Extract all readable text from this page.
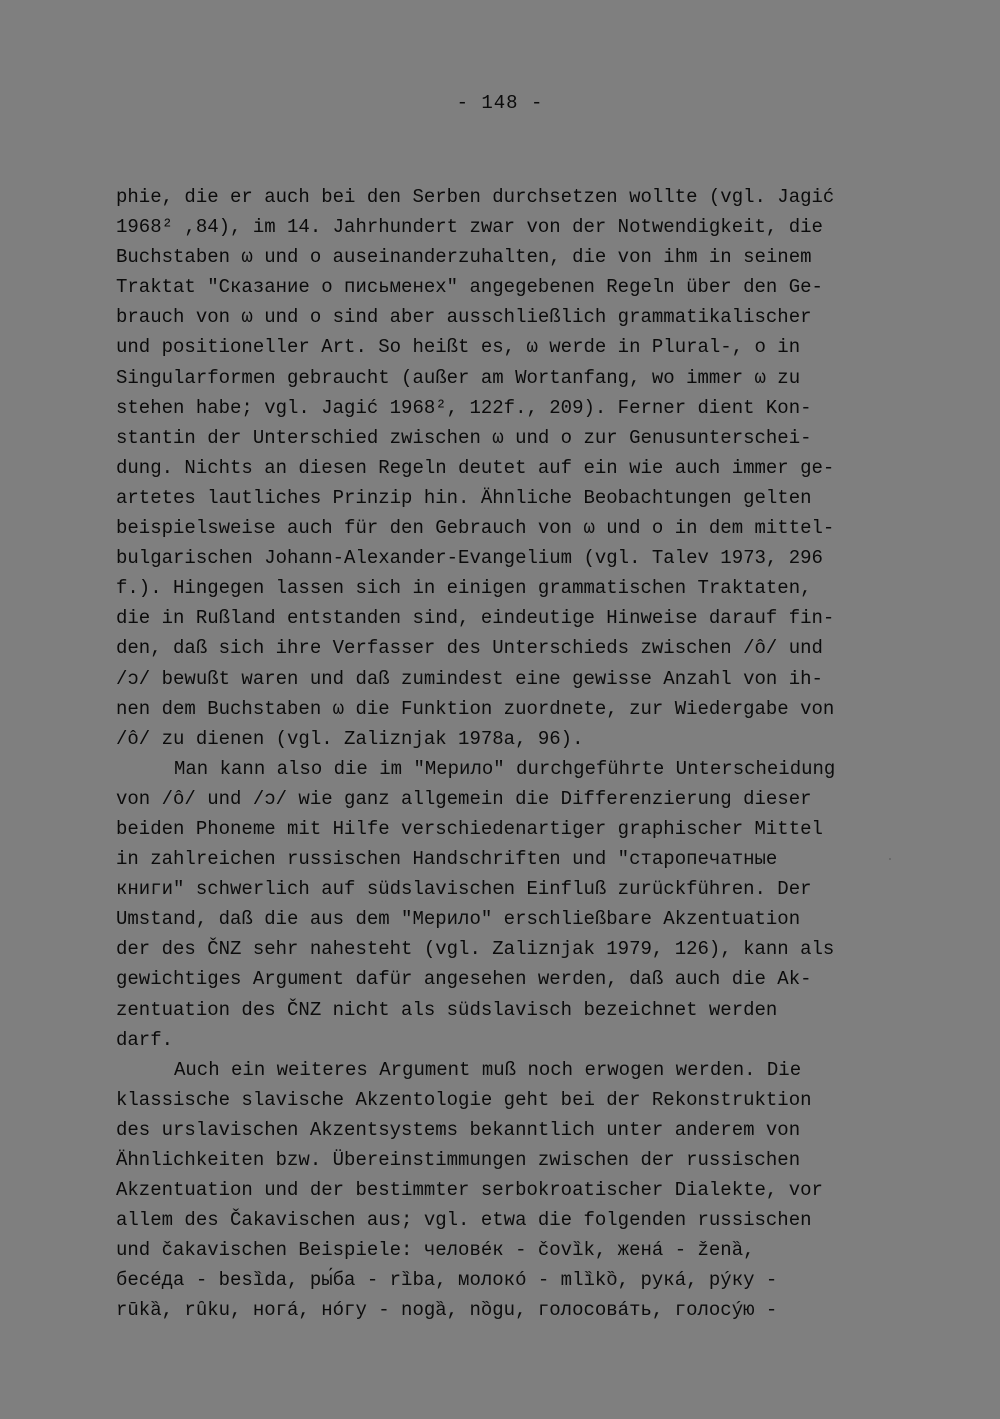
- 148 -
phie, die er auch bei den Serben durchsetzen wollte (vgl. Jagić
1968² ,84), im 14. Jahrhundert zwar von der Notwendigkeit, die
Buchstaben ω und o auseinanderzuhalten, die von ihm in seinem
Traktat "Сказание о письменех" angegebenen Regeln über den Ge-
brauch von ω und o sind aber ausschließlich grammatikalischer
und positioneller Art. So heißt es, ω werde in Plural-, o in
Singularformen gebraucht (außer am Wortanfang, wo immer ω zu
stehen habe; vgl. Jagić 1968², 122f., 209). Ferner dient Kon-
stantin der Unterschied zwischen ω und o zur Genusunterschei-
dung. Nichts an diesen Regeln deutet auf ein wie auch immer ge-
artetes lautliches Prinzip hin. Ähnliche Beobachtungen gelten
beispielsweise auch für den Gebrauch von ω und o in dem mittel-
bulgarischen Johann-Alexander-Evangelium (vgl. Talev 1973, 296
f.). Hingegen lassen sich in einigen grammatischen Traktaten,
die in Rußland entstanden sind, eindeutige Hinweise darauf fin-
den, daß sich ihre Verfasser des Unterschieds zwischen /ô/ und
/ɔ/ bewußt waren und daß zumindest eine gewisse Anzahl von ih-
nen dem Buchstaben ω die Funktion zuordnete, zur Wiedergabe von
/ô/ zu dienen (vgl. Zaliznjak 1978a, 96).
Man kann also die im "Мерило" durchgeführte Unterscheidung
von /ô/ und /ɔ/ wie ganz allgemein die Differenzierung dieser
beiden Phoneme mit Hilfe verschiedenartiger graphischer Mittel
in zahlreichen russischen Handschriften und "старопечатные
книги" schwerlich auf südslavischen Einfluß zurückführen. Der
Umstand, daß die aus dem "Мерило" erschließbare Akzentuation
der des ČNZ sehr nahesteht (vgl. Zaliznjak 1979, 126), kann als
gewichtiges Argument dafür angesehen werden, daß auch die Ak-
zentuation des ČNZ nicht als südslavisch bezeichnet werden
darf.
Auch ein weiteres Argument muß noch erwogen werden. Die
klassische slavische Akzentologie geht bei der Rekonstruktion
des urslavischen Akzentsystems bekanntlich unter anderem von
Ähnlichkeiten bzw. Übereinstimmungen zwischen der russischen
Akzentuation und der bestimmter serbokroatischer Dialekte, vor
allem des Čakavischen aus; vgl. etwa die folgenden russischen
und čakavischen Beispiele: человéк - čovȉk, женá - ženȁ,
бесéда - besȉda, ры́ба - rȉba, молокó - mlȉkȍ, рукá, рýку -
rūkȁ, rȗku, ногá, нóгу - nogȁ, nȍgu, голосовáть, голосýю -
